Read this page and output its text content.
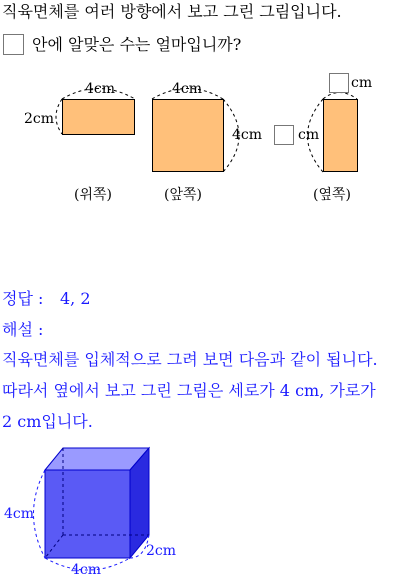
직육면체를 여러 방향에서 보고 그린 그림입니다.
안에 알맞은 수는 얼마입니까?
4cm
2cm
(위쪽)
4cm
4cm
(앞쪽)
cm
cm
(옆쪽)
정답 : 4, 2
해설 :
직육면체를 입체적으로 그려 보면 다음과 같이 됩니다.
따라서 옆에서 보고 그린 그림은 세로가 4 cm, 가로가
2 cm입니다.
4cm
4cm
2cm
